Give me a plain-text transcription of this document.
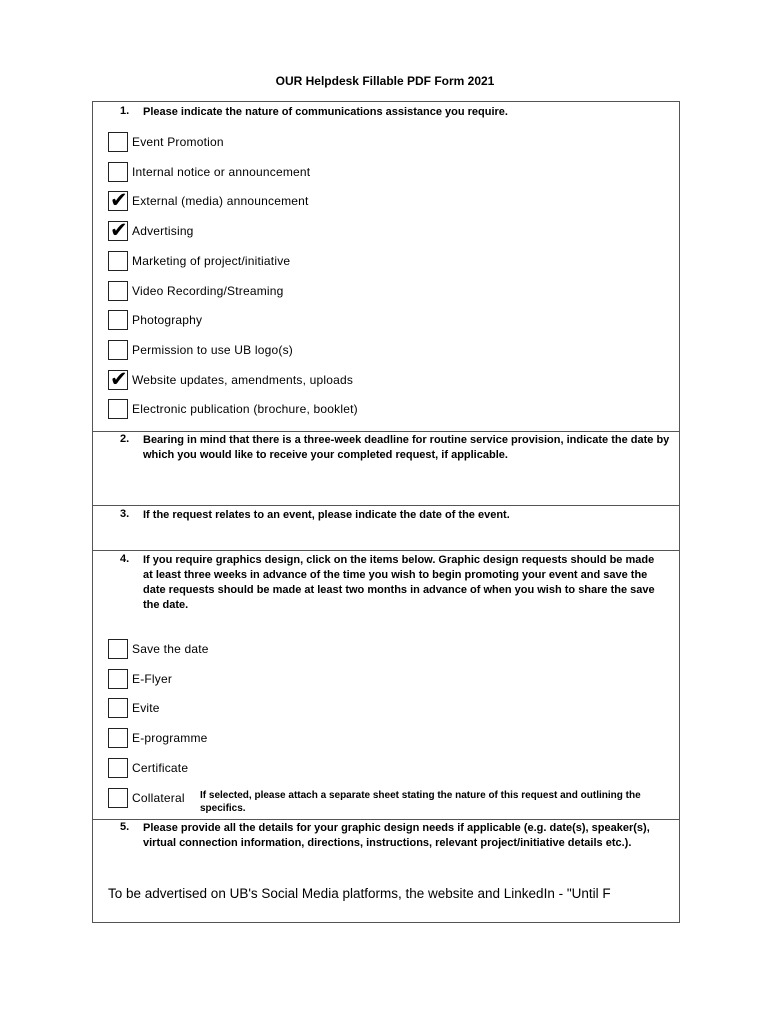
OUR Helpdesk Fillable PDF Form 2021
1. Please indicate the nature of communications assistance you require.
Event Promotion
Internal notice or announcement
✔ External (media) announcement
✔ Advertising
Marketing of project/initiative
Video Recording/Streaming
Photography
Permission to use UB logo(s)
✔ Website updates, amendments, uploads
Electronic publication (brochure, booklet)
2. Bearing in mind that there is a three-week deadline for routine service provision, indicate the date by which you would like to receive your completed request, if applicable.
3. If the request relates to an event, please indicate the date of the event.
4. If you require graphics design, click on the items below. Graphic design requests should be made at least three weeks in advance of the time you wish to begin promoting your event and save the date requests should be made at least two months in advance of when you wish to share the save the date.
Save the date
E-Flyer
Evite
E-programme
Certificate
Collateral If selected, please attach a separate sheet stating the nature of this request and outlining the specifics.
5. Please provide all the details for your graphic design needs if applicable (e.g. date(s), speaker(s), virtual connection information, directions, instructions, relevant project/initiative details etc.).
To be advertised on UB's Social Media platforms, the website and LinkedIn - "Until F
